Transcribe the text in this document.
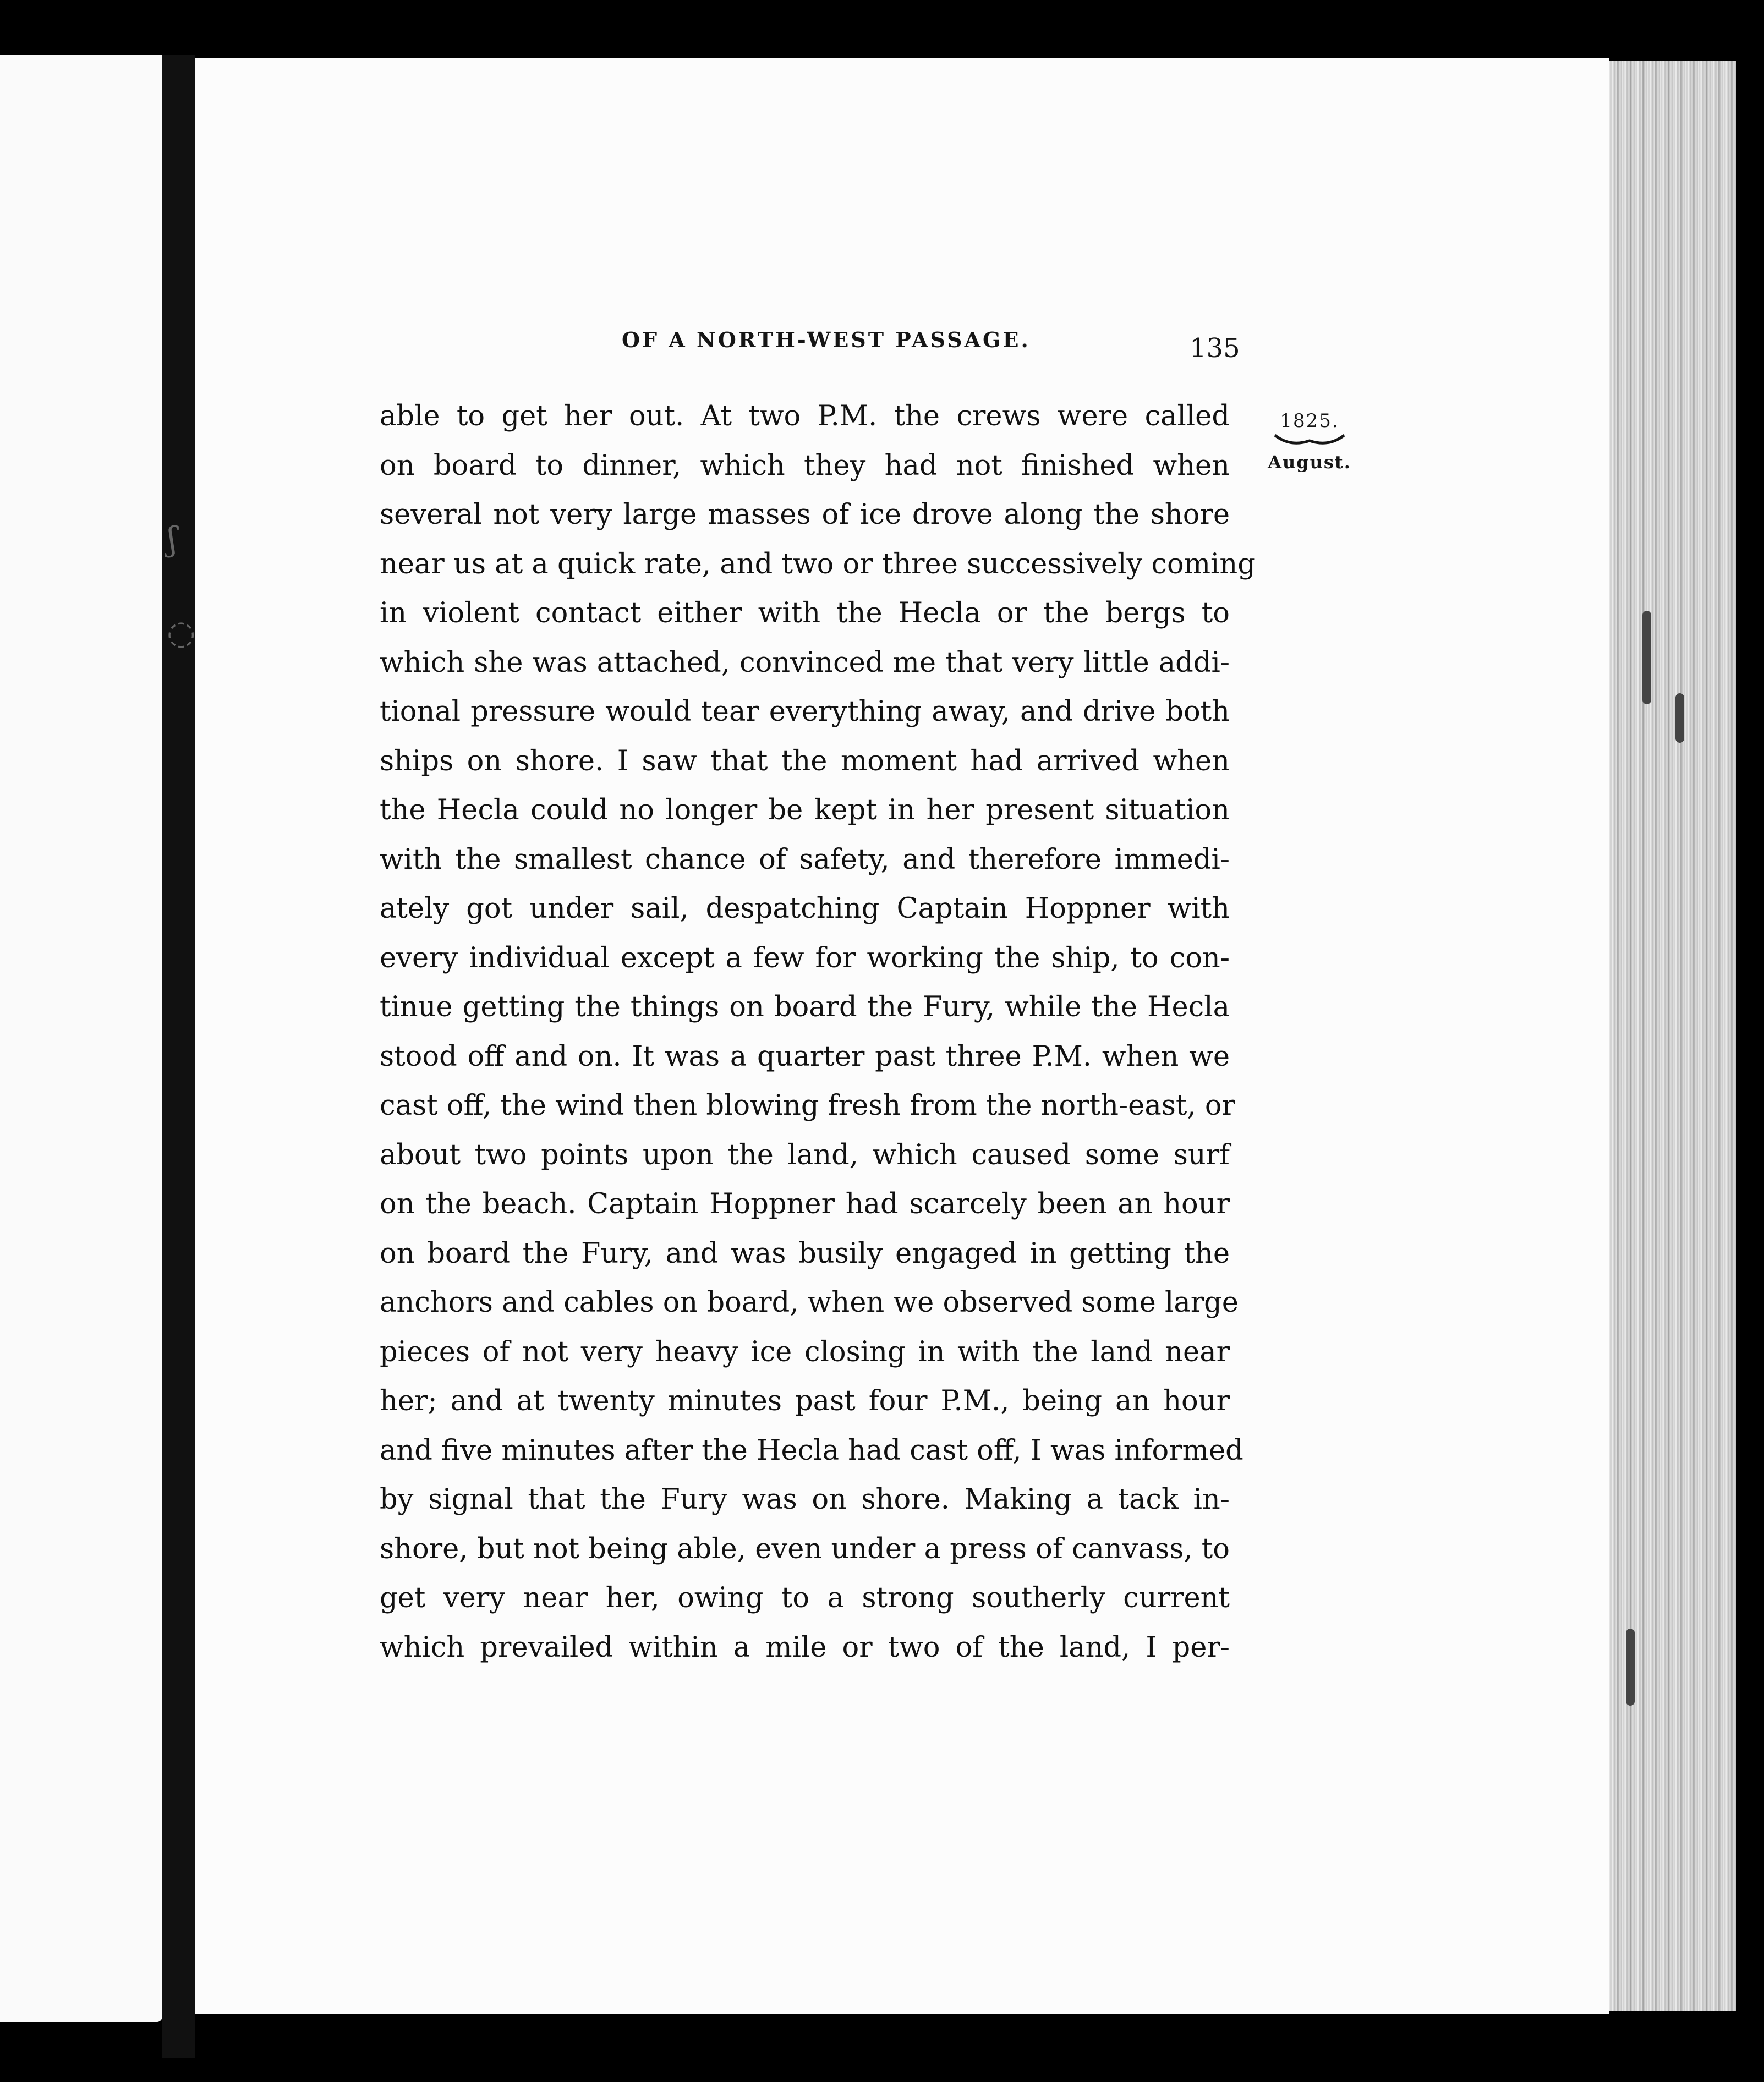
ʃ
◌
OF A NORTH-WEST PASSAGE.	135
able to get her out. At two P.M. the crews were called
on board to dinner, which they had not finished when
several not very large masses of ice drove along the shore
near us at a quick rate, and two or three successively coming
in violent contact either with the Hecla or the bergs to
which she was attached, convinced me that very little addi-
tional pressure would tear everything away, and drive both
ships on shore. I saw that the moment had arrived when
the Hecla could no longer be kept in her present situation
with the smallest chance of safety, and therefore immedi-
ately got under sail, despatching Captain Hoppner with
every individual except a few for working the ship, to con-
tinue getting the things on board the Fury, while the Hecla
stood off and on. It was a quarter past three P.M. when we
cast off, the wind then blowing fresh from the north-east, or
about two points upon the land, which caused some surf
on the beach. Captain Hoppner had scarcely been an hour
on board the Fury, and was busily engaged in getting the
anchors and cables on board, when we observed some large
pieces of not very heavy ice closing in with the land near
her; and at twenty minutes past four P.M., being an hour
and five minutes after the Hecla had cast off, I was informed
by signal that the Fury was on shore. Making a tack in-
shore, but not being able, even under a press of canvass, to
get very near her, owing to a strong southerly current
which prevailed within a mile or two of the land, I per-
1825.
August.
